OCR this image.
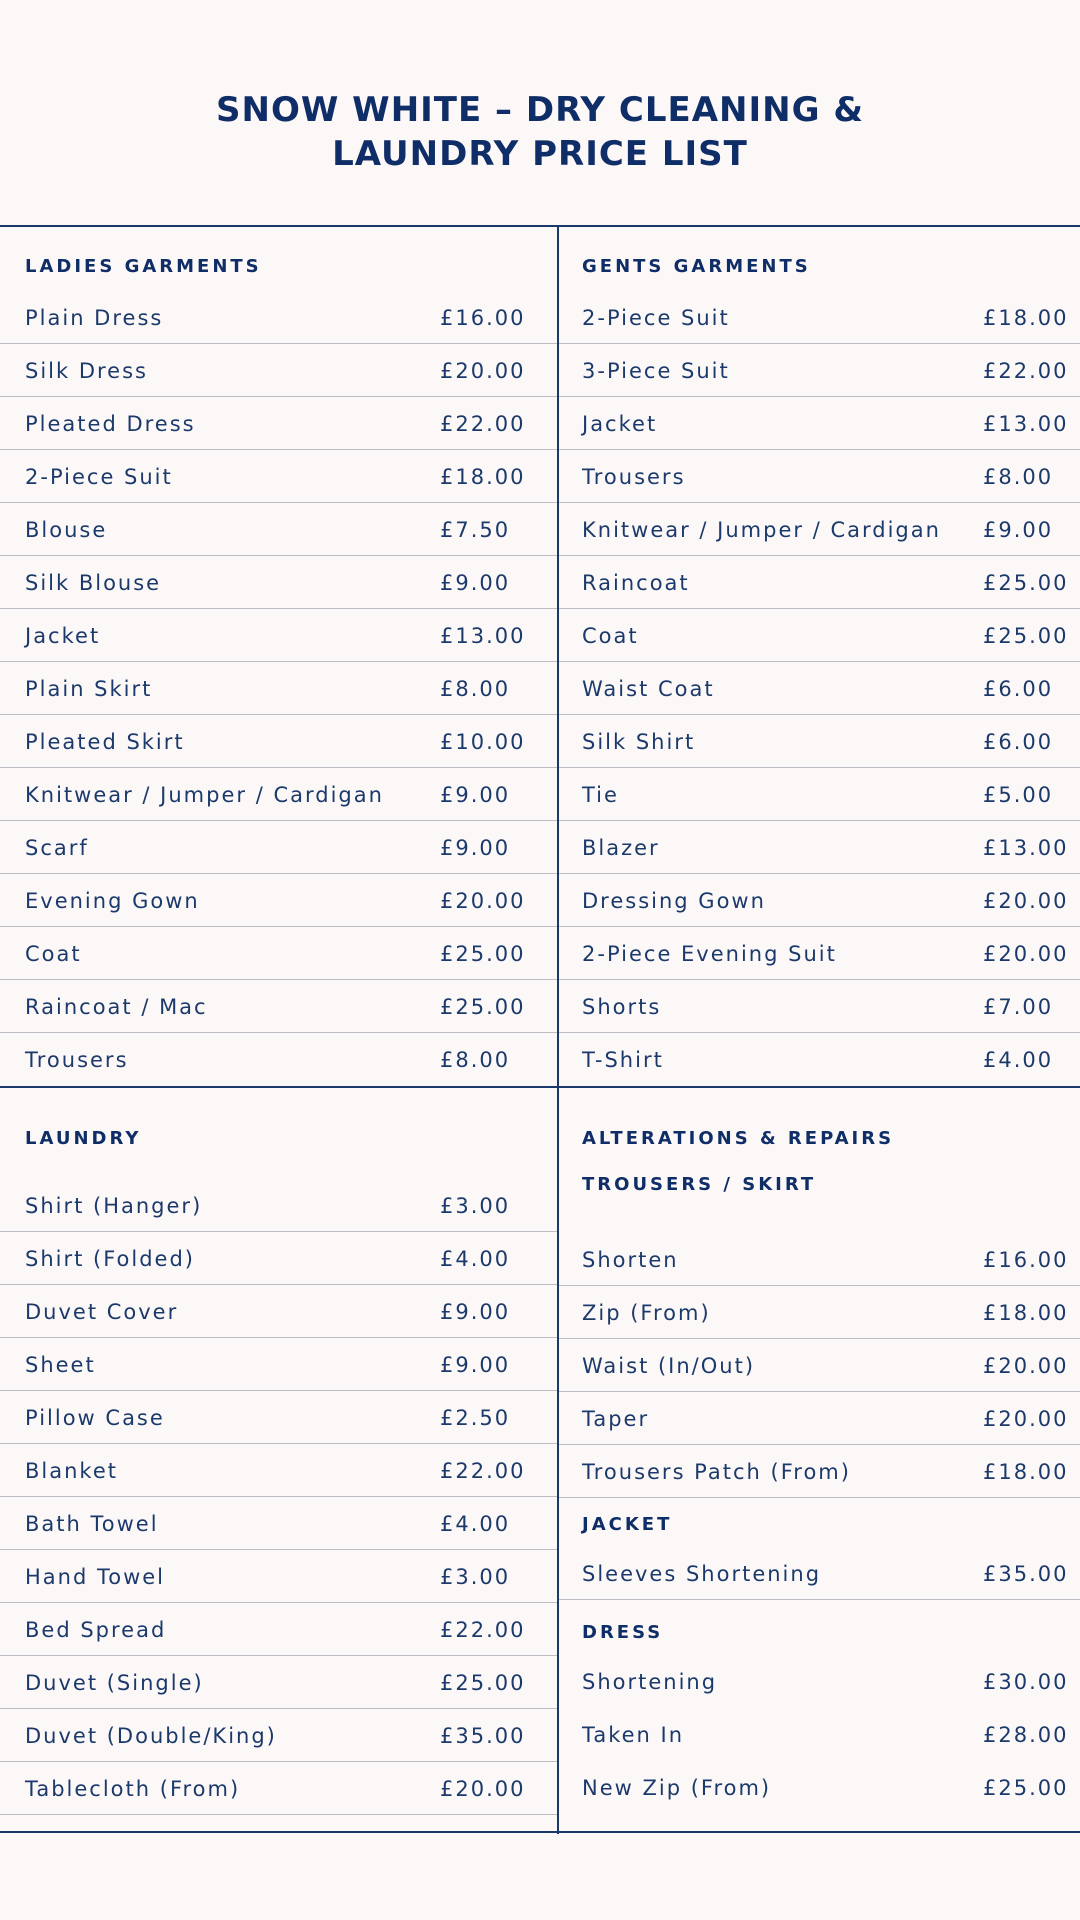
SNOW WHITE – DRY CLEANING &
LAUNDRY PRICE LIST
LADIES GARMENTS
Plain Dress	£16.00
Silk Dress	£20.00
Pleated Dress	£22.00
2-Piece Suit	£18.00
Blouse	£7.50
Silk Blouse	£9.00
Jacket	£13.00
Plain Skirt	£8.00
Pleated Skirt	£10.00
Knitwear / Jumper / Cardigan	£9.00
Scarf	£9.00
Evening Gown	£20.00
Coat	£25.00
Raincoat / Mac	£25.00
Trousers	£8.00
GENTS GARMENTS
2-Piece Suit	£18.00
3-Piece Suit	£22.00
Jacket	£13.00
Trousers	£8.00
Knitwear / Jumper / Cardigan £9.00
Raincoat	£25.00
Coat	£25.00
Waist Coat	£6.00
Silk Shirt	£6.00
Tie	£5.00
Blazer	£13.00
Dressing Gown	£20.00
2-Piece Evening Suit	£20.00
Shorts	£7.00
T-Shirt	£4.00
LAUNDRY
Shirt (Hanger)	£3.00
Shirt (Folded)	£4.00
Duvet Cover	£9.00
Sheet	£9.00
Pillow Case	£2.50
Blanket	£22.00
Bath Towel	£4.00
Hand Towel	£3.00
Bed Spread	£22.00
Duvet (Single)	£25.00
Duvet (Double/King)	£35.00
Tablecloth (From)	£20.00
ALTERATIONS & REPAIRS
TROUSERS / SKIRT
Shorten	£16.00
Zip (From)	£18.00
Waist (In/Out)	£20.00
Taper	£20.00
Trousers Patch (From)	£18.00
JACKET
Sleeves Shortening	£35.00
DRESS
Shortening	£30.00
Taken In	£28.00
New Zip (From)	£25.00
